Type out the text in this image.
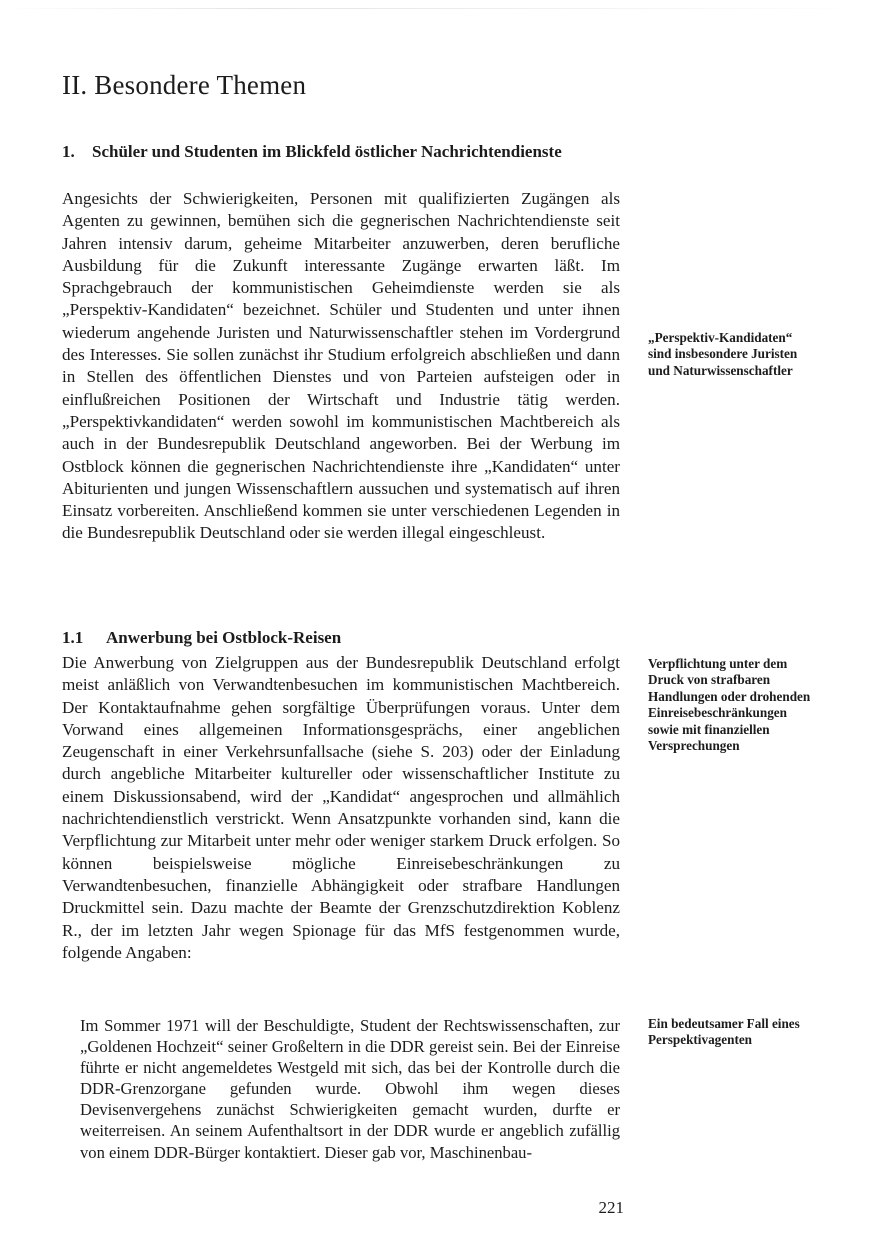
II. Besondere Themen
1. Schüler und Studenten im Blickfeld östlicher Nachrichtendienste

Angesichts der Schwierigkeiten, Personen mit qualifizierten Zugängen als Agenten zu gewinnen, bemühen sich die gegnerischen Nachrichtendienste seit Jahren intensiv darum, geheime Mitarbeiter anzuwerben, deren berufliche Ausbildung für die Zukunft interessante Zugänge erwarten läßt. Im Sprachgebrauch der kommunistischen Geheimdienste werden sie als „Perspektiv-Kandidaten“ bezeichnet. Schüler und Studenten und unter ihnen wiederum angehende Juristen und Naturwissenschaftler stehen im Vordergrund des Interesses. Sie sollen zunächst ihr Studium erfolgreich abschließen und dann in Stellen des öffentlichen Dienstes und von Parteien aufsteigen oder in einflußreichen Positionen der Wirtschaft und Industrie tätig werden. „Perspektivkandidaten“ werden sowohl im kommunistischen Machtbereich als auch in der Bundesrepublik Deutschland angeworben. Bei der Werbung im Ostblock können die gegnerischen Nachrichtendienste ihre „Kandidaten“ unter Abiturienten und jungen Wissenschaftlern aussuchen und systematisch auf ihren Einsatz vorbereiten. Anschließend kommen sie unter verschiedenen Legenden in die Bundesrepublik Deutschland oder sie werden illegal eingeschleust.

1.1 Anwerbung bei Ostblock-Reisen

Die Anwerbung von Zielgruppen aus der Bundesrepublik Deutschland erfolgt meist anläßlich von Verwandtenbesuchen im kommunistischen Machtbereich. Der Kontaktaufnahme gehen sorgfältige Überprüfungen voraus. Unter dem Vorwand eines allgemeinen Informationsgesprächs, einer angeblichen Zeugenschaft in einer Verkehrsunfallsache (siehe S. 203) oder der Einladung durch angebliche Mitarbeiter kultureller oder wissenschaftlicher Institute zu einem Diskussionsabend, wird der „Kandidat“ angesprochen und allmählich nachrichtendienstlich verstrickt. Wenn Ansatzpunkte vorhanden sind, kann die Verpflichtung zur Mitarbeit unter mehr oder weniger starkem Druck erfolgen. So können beispielsweise mögliche Einreisebeschränkungen zu Verwandtenbesuchen, finanzielle Abhängigkeit oder strafbare Handlungen Druckmittel sein. Dazu machte der Beamte der Grenzschutzdirektion Koblenz R., der im letzten Jahr wegen Spionage für das MfS festgenommen wurde, folgende Angaben:

Im Sommer 1971 will der Beschuldigte, Student der Rechtswissenschaften, zur „Goldenen Hochzeit“ seiner Großeltern in die DDR gereist sein. Bei der Einreise führte er nicht angemeldetes Westgeld mit sich, das bei der Kontrolle durch die DDR-Grenzorgane gefunden wurde. Obwohl ihm wegen dieses Devisenvergehens zunächst Schwierigkeiten gemacht wurden, durfte er weiterreisen. An seinem Aufenthaltsort in der DDR wurde er angeblich zufällig von einem DDR-Bürger kontaktiert. Dieser gab vor, Maschinenbau-

„Perspektiv-Kandidaten“ sind insbesondere Juristen und Naturwissenschaftler

Verpflichtung unter dem Druck von strafbaren Handlungen oder drohenden Einreisebeschränkungen sowie mit finanziellen Versprechungen

Ein bedeutsamer Fall eines Perspektivagenten

221
